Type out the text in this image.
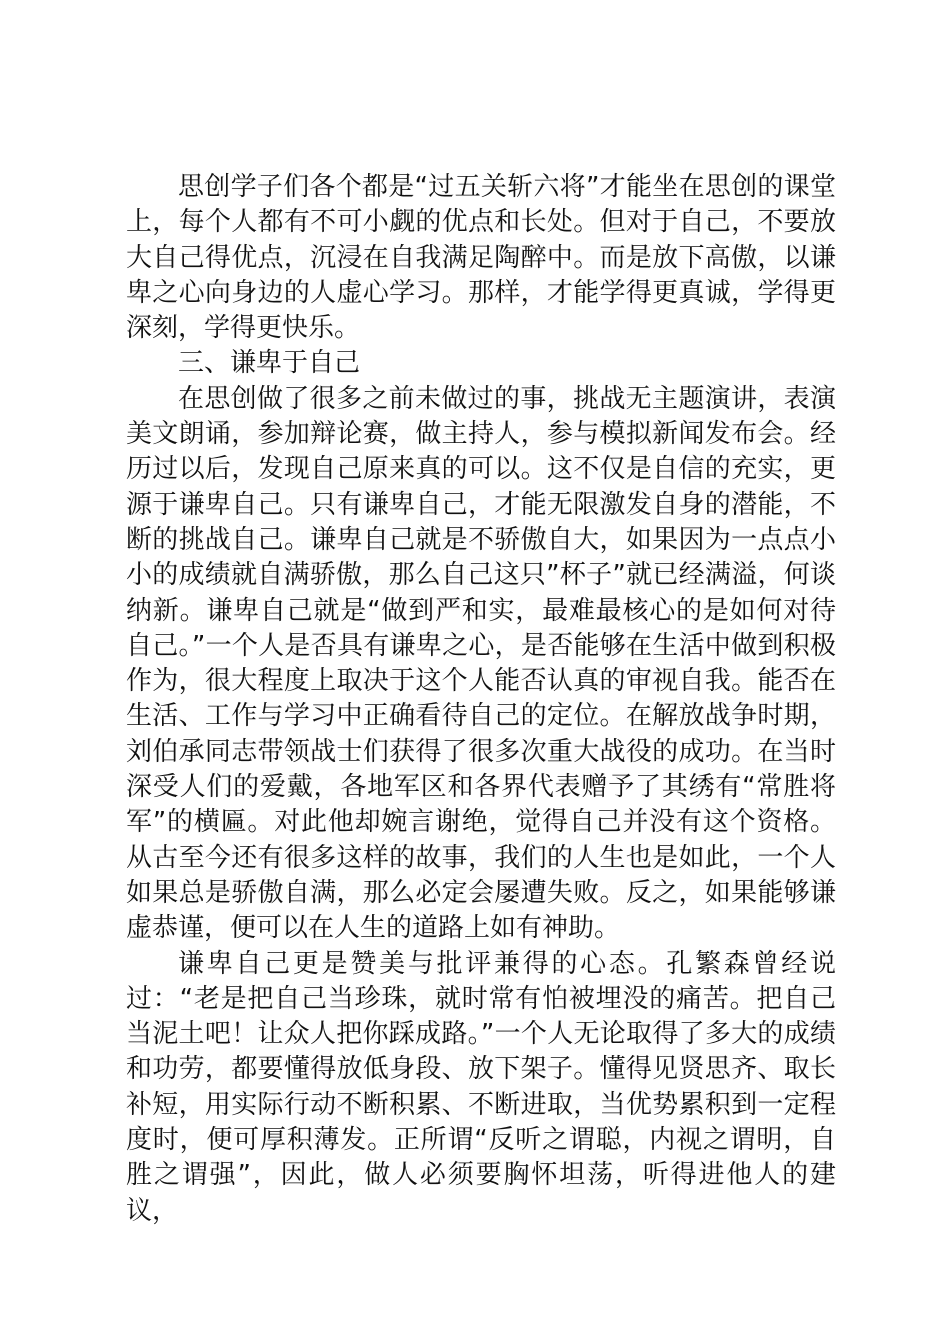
思创学子们各个都是“过五关斩六将”才能坐在思创的课堂上，每个人都有不可小觑的优点和长处。但对于自己，不要放大自己得优点，沉浸在自我满足陶醉中。而是放下高傲，以谦卑之心向身边的人虚心学习。那样，才能学得更真诚，学得更深刻，学得更快乐。

三、谦卑于自己

在思创做了很多之前未做过的事，挑战无主题演讲，表演美文朗诵，参加辩论赛，做主持人，参与模拟新闻发布会。经历过以后，发现自己原来真的可以。这不仅是自信的充实，更源于谦卑自己。只有谦卑自己，才能无限激发自身的潜能，不断的挑战自己。谦卑自己就是不骄傲自大，如果因为一点点小小的成绩就自满骄傲，那么自己这只”杯子”就已经满溢，何谈纳新。谦卑自己就是“做到严和实，最难最核心的是如何对待自己。”一个人是否具有谦卑之心，是否能够在生活中做到积极作为，很大程度上取决于这个人能否认真的审视自我。能否在生活、工作与学习中正确看待自己的定位。在解放战争时期，刘伯承同志带领战士们获得了很多次重大战役的成功。在当时深受人们的爱戴，各地军区和各界代表赠予了其绣有“常胜将军”的横匾。对此他却婉言谢绝，觉得自己并没有这个资格。从古至今还有很多这样的故事，我们的人生也是如此，一个人如果总是骄傲自满，那么必定会屡遭失败。反之，如果能够谦虚恭谨，便可以在人生的道路上如有神助。

谦卑自己更是赞美与批评兼得的心态。孔繁森曾经说过：“老是把自己当珍珠，就时常有怕被埋没的痛苦。把自己当泥土吧！让众人把你踩成路。”一个人无论取得了多大的成绩和功劳，都要懂得放低身段、放下架子。懂得见贤思齐、取长补短，用实际行动不断积累、不断进取，当优势累积到一定程度时，便可厚积薄发。正所谓“反听之谓聪，内视之谓明，自胜之谓强”，因此，做人必须要胸怀坦荡，听得进他人的建议，
